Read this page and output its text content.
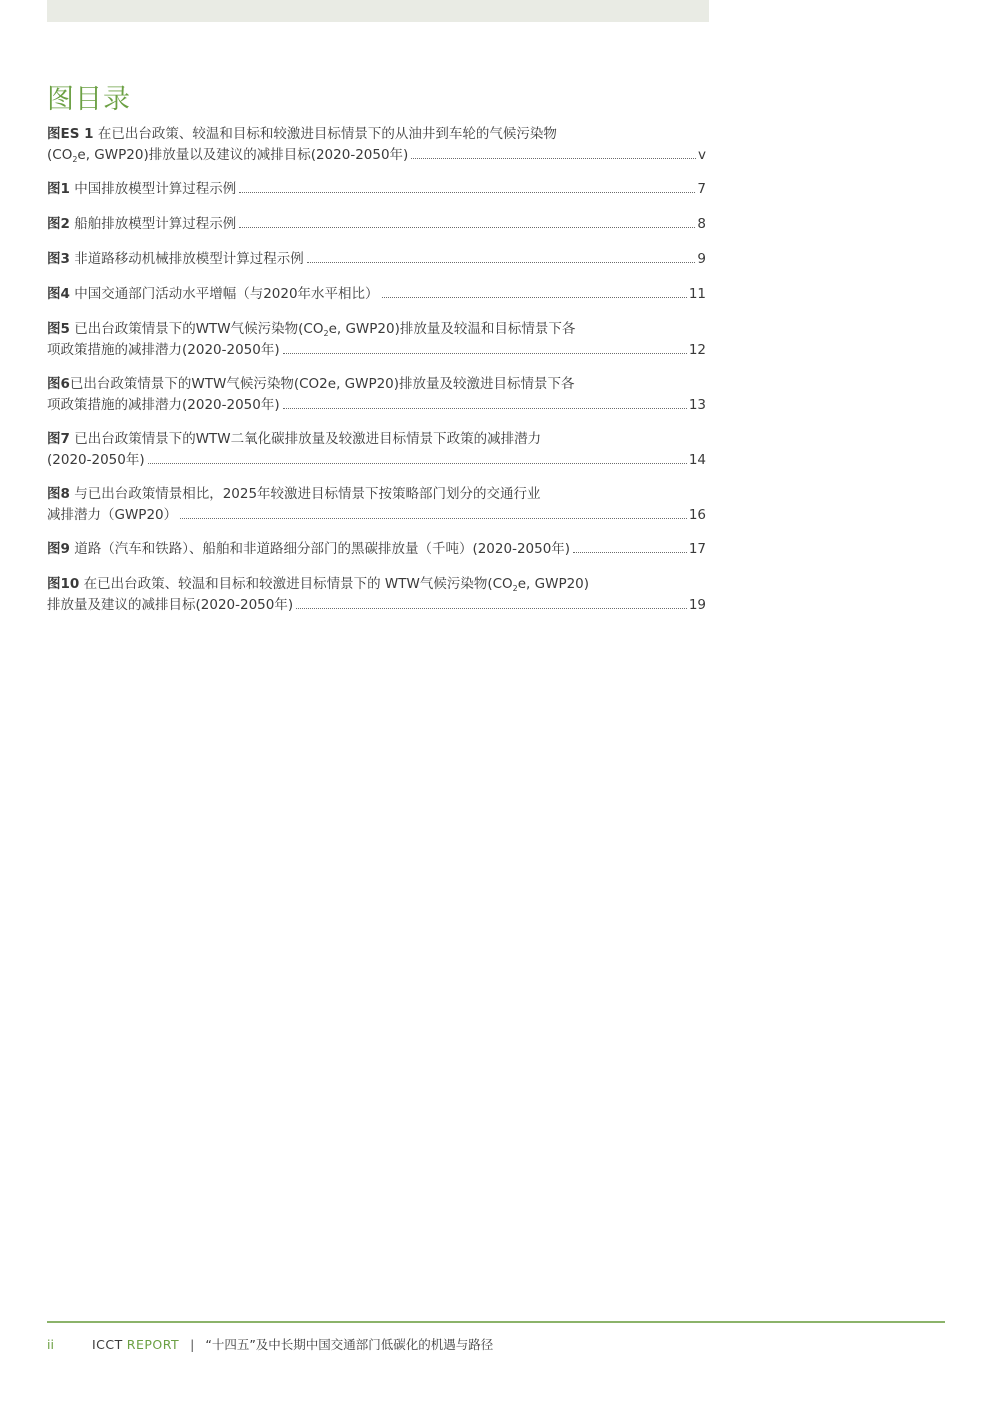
图目录
图ES 1 在已出台政策、较温和目标和较激进目标情景下的从油井到车轮的气候污染物
($CO_2e$, GWP20)排放量以及建议的减排目标(2020-2050年)	v
图1 中国排放模型计算过程示例	7
图2 船舶排放模型计算过程示例	8
图3 非道路移动机械排放模型计算过程示例	9
图4 中国交通部门活动水平增幅（与2020年水平相比）	11
图5 已出台政策情景下的WTW气候污染物($CO_2e$, GWP20)排放量及较温和目标情景下各
项政策措施的减排潜力(2020-2050年)	12
图6已出台政策情景下的WTW气候污染物(CO2e, GWP20)排放量及较激进目标情景下各
项政策措施的减排潜力(2020-2050年)	13
图7 已出台政策情景下的WTW二氧化碳排放量及较激进目标情景下政策的减排潜力
(2020-2050年)	14
图8 与已出台政策情景相比，2025年较激进目标情景下按策略部门划分的交通行业
减排潜力（GWP20）	16
图9 道路（汽车和铁路）、船舶和非道路细分部门的黑碳排放量（千吨）(2020-2050年)	17
图10 在已出台政策、较温和目标和较激进目标情景下的 WTW气候污染物($CO_2e$, GWP20)
排放量及建议的减排目标(2020-2050年)	19
ii	ICCT REPORT | “十四五”及中长期中国交通部门低碳化的机遇与路径
